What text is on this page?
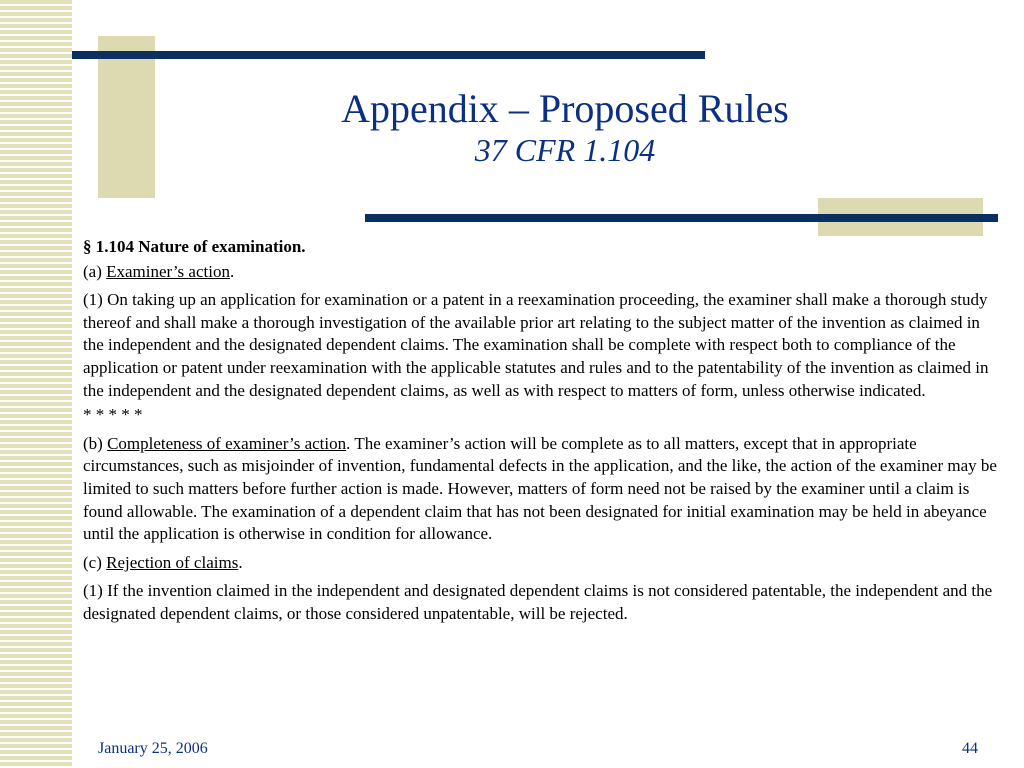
Appendix – Proposed Rules
37 CFR 1.104

§ 1.104 Nature of examination.

(a) Examiner’s action.

(1) On taking up an application for examination or a patent in a reexamination proceeding, the examiner shall make a thorough study thereof and shall make a thorough investigation of the available prior art relating to the subject matter of the invention as claimed in the independent and the designated dependent claims. The examination shall be complete with respect both to compliance of the application or patent under reexamination with the applicable statutes and rules and to the patentability of the invention as claimed in the independent and the designated dependent claims, as well as with respect to matters of form, unless otherwise indicated.

* * * * *

(b) Completeness of examiner’s action. The examiner’s action will be complete as to all matters, except that in appropriate circumstances, such as misjoinder of invention, fundamental defects in the application, and the like, the action of the examiner may be limited to such matters before further action is made. However, matters of form need not be raised by the examiner until a claim is found allowable. The examination of a dependent claim that has not been designated for initial examination may be held in abeyance until the application is otherwise in condition for allowance.

(c) Rejection of claims.

(1) If the invention claimed in the independent and designated dependent claims is not considered patentable, the independent and the designated dependent claims, or those considered unpatentable, will be rejected.

January 25, 2006	44
